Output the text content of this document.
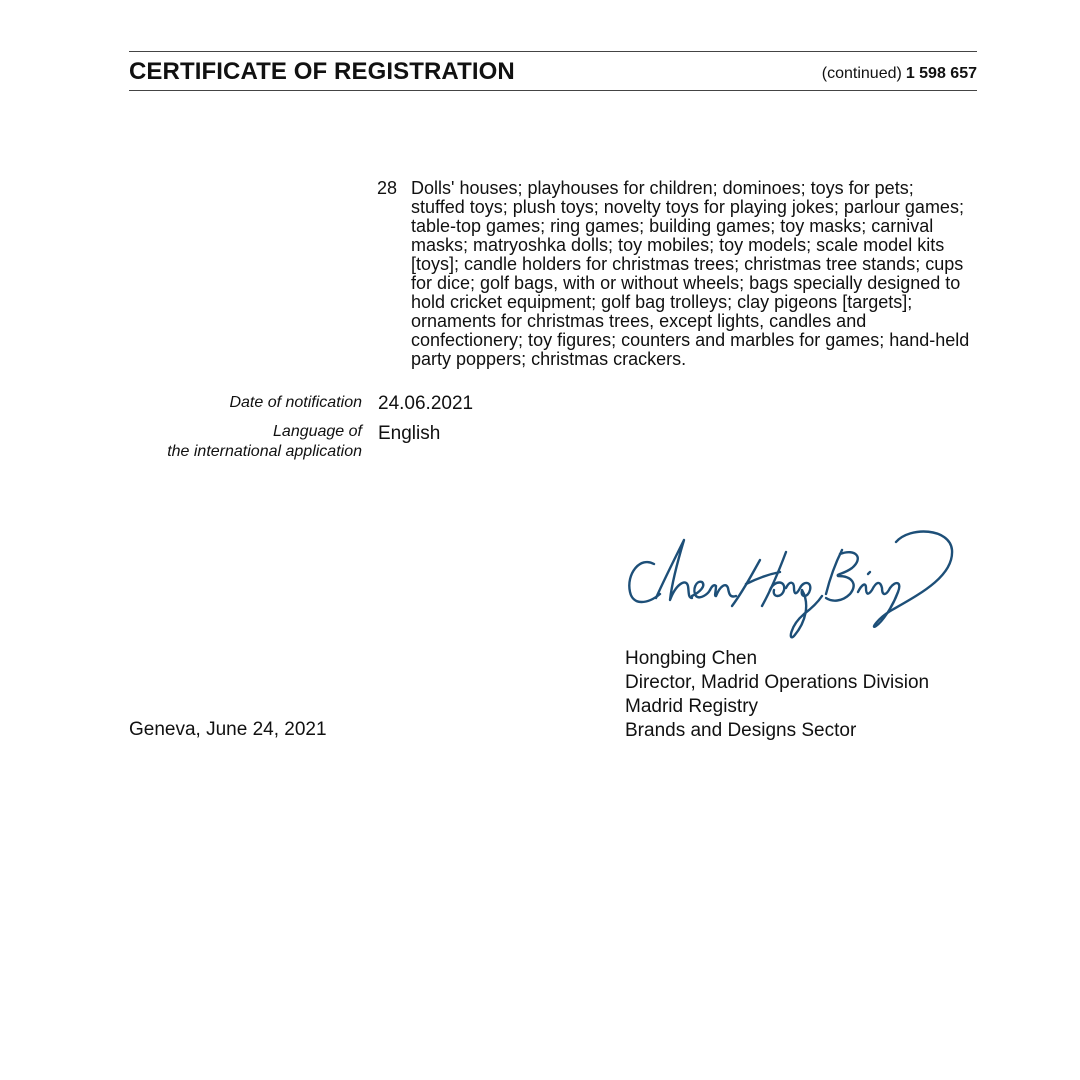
CERTIFICATE OF REGISTRATION	(continued) 1 598 657
28 Dolls' houses; playhouses for children; dominoes; toys for pets; stuffed toys; plush toys; novelty toys for playing jokes; parlour games; table-top games; ring games; building games; toy masks; carnival masks; matryoshka dolls; toy mobiles; toy models; scale model kits [toys]; candle holders for christmas trees; christmas tree stands; cups for dice; golf bags, with or without wheels; bags specially designed to hold cricket equipment; golf bag trolleys; clay pigeons [targets]; ornaments for christmas trees, except lights, candles and confectionery; toy figures; counters and marbles for games; hand-held party poppers; christmas crackers.
Date of notification 24.06.2021
Language of
the international application
English
Hongbing Chen
Director, Madrid Operations Division
Madrid Registry
Brands and Designs Sector
Geneva, June 24, 2021
